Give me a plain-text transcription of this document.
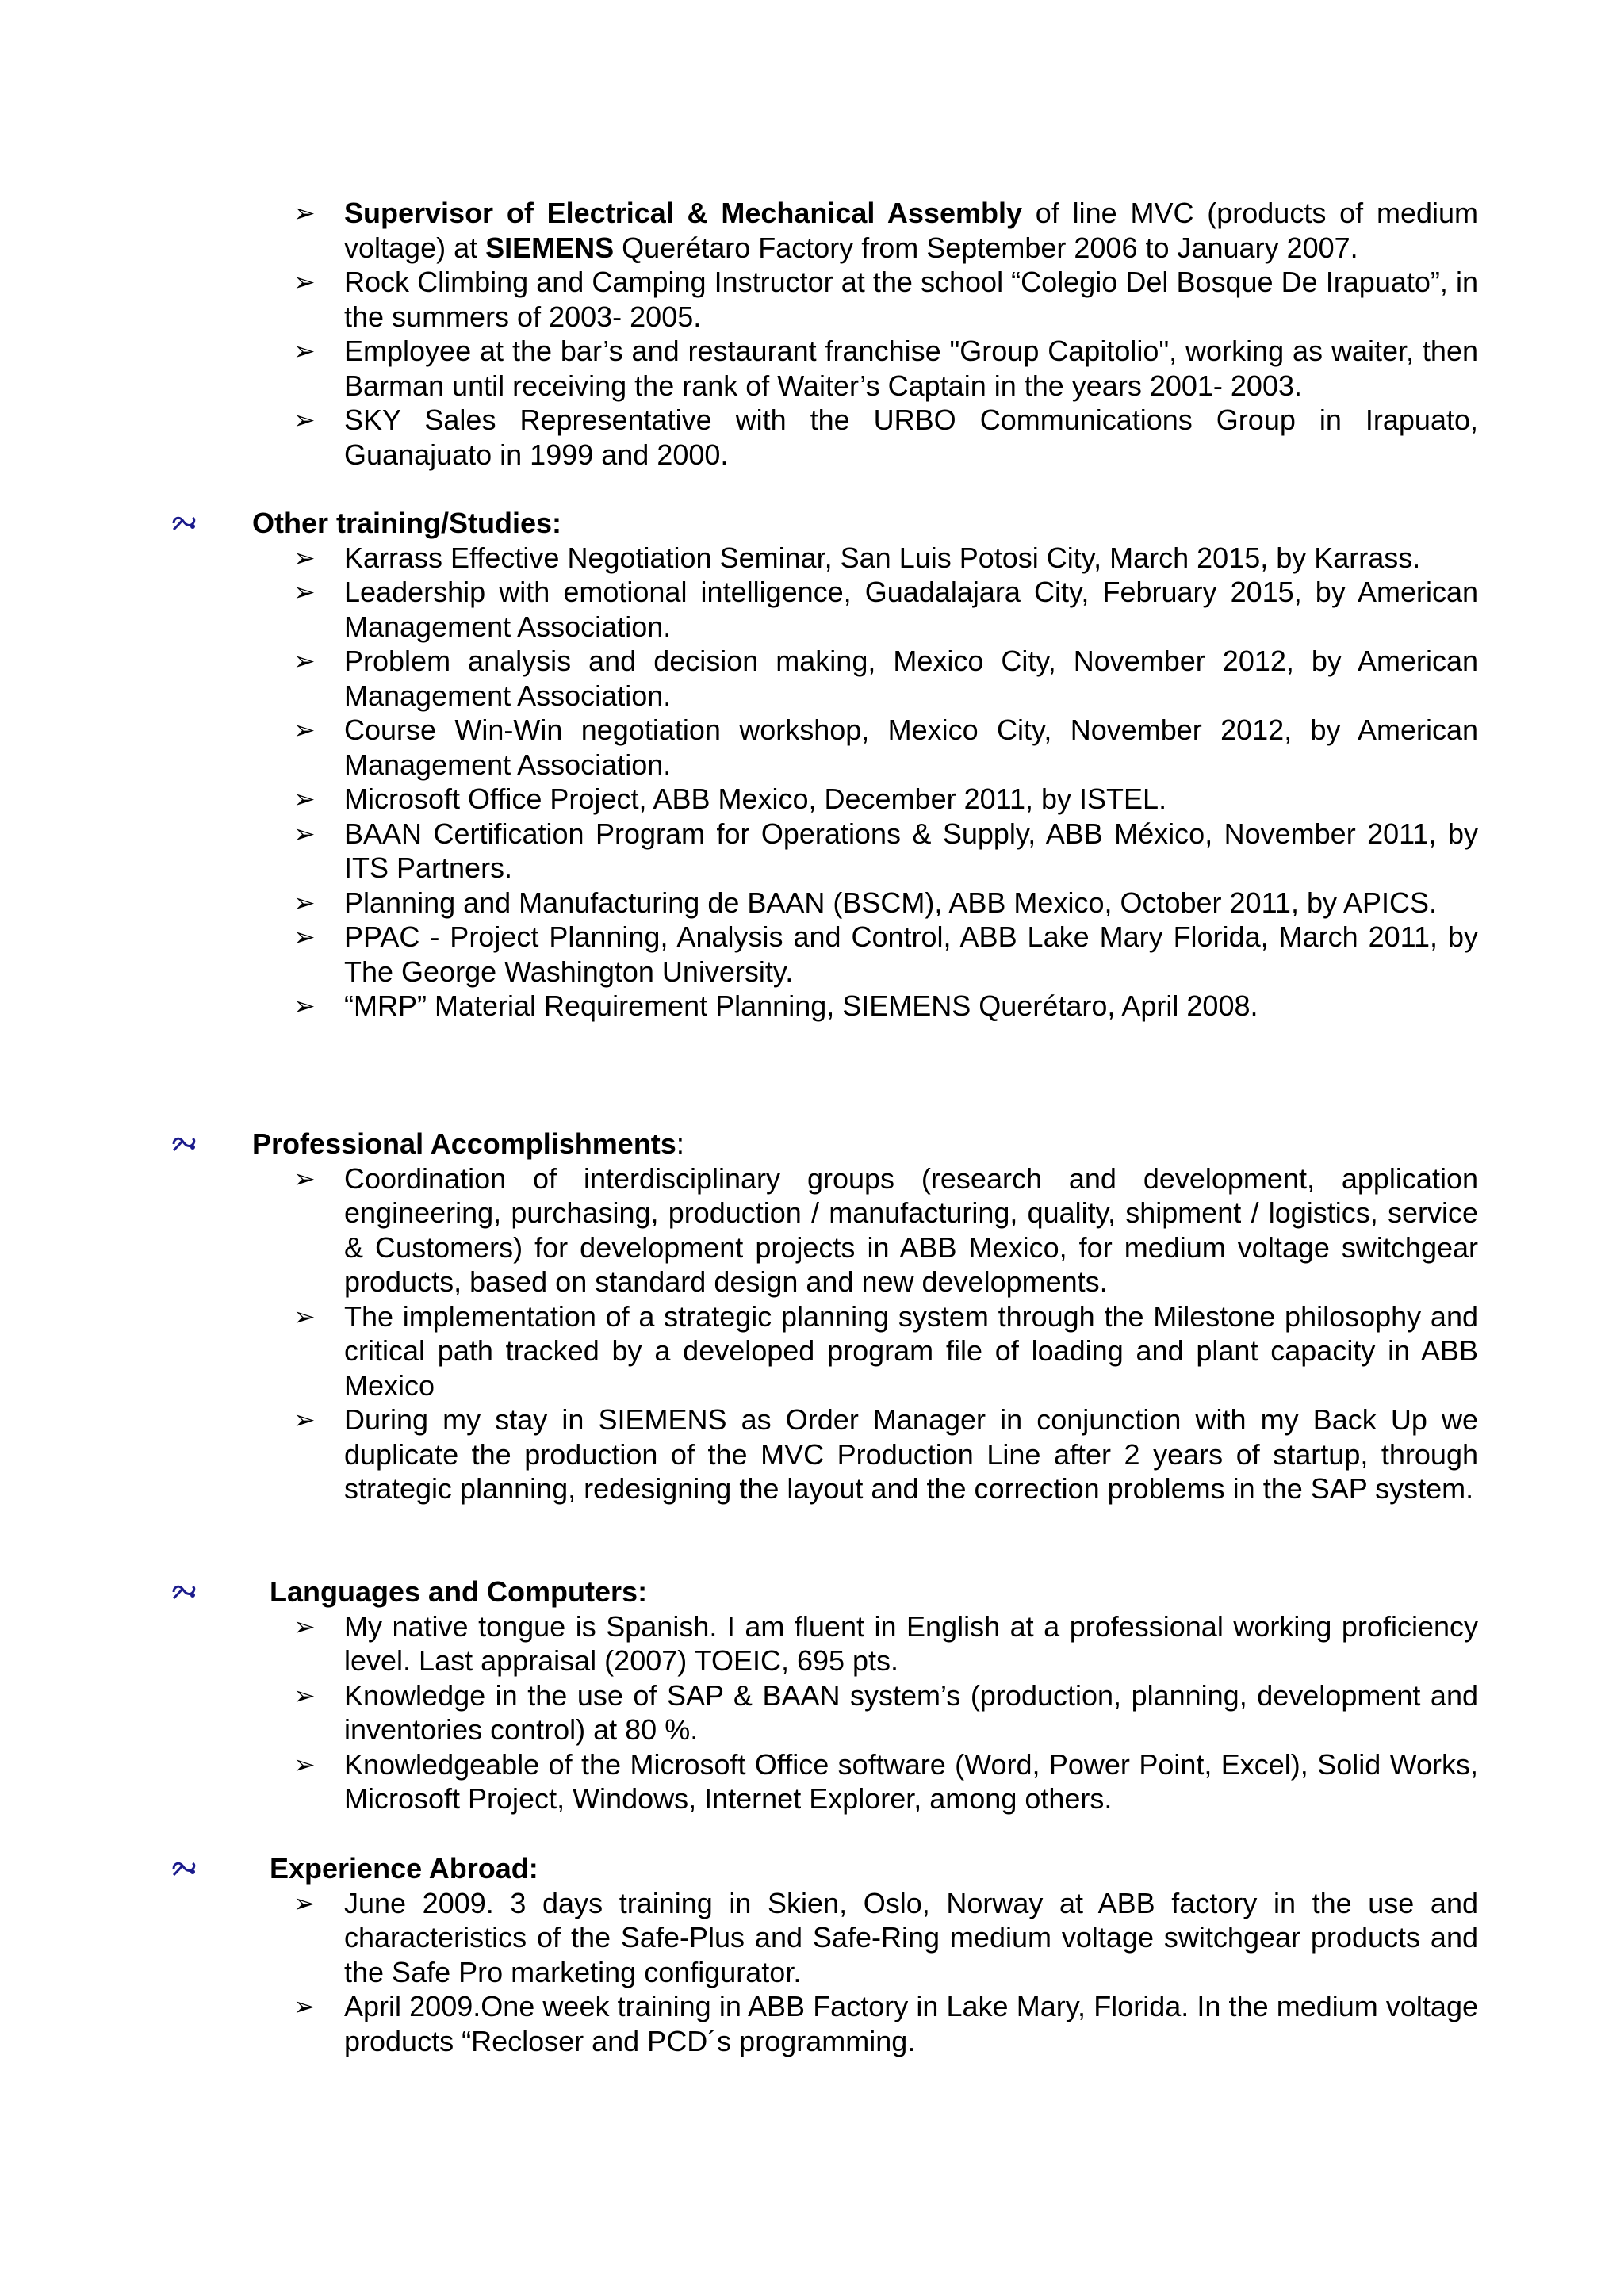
➢ Supervisor of Electrical & Mechanical Assembly of line MVC (products of medium voltage) at SIEMENS Querétaro Factory from September 2006 to January 2007.
➢ Rock Climbing and Camping Instructor at the school “Colegio Del Bosque De Irapuato”, in the summers of 2003- 2005.
➢ Employee at the bar’s and restaurant franchise "Group Capitolio", working as waiter, then Barman until receiving the rank of Waiter’s Captain in the years 2001- 2003.
➢ SKY Sales Representative with the URBO Communications Group in Irapuato, Guanajuato in 1999 and 2000.
Other training/Studies:
➢ Karrass Effective Negotiation Seminar, San Luis Potosi City, March 2015, by Karrass.
➢ Leadership with emotional intelligence, Guadalajara City, February 2015, by American Management Association.
➢ Problem analysis and decision making, Mexico City, November 2012, by American Management Association.
➢ Course Win-Win negotiation workshop, Mexico City, November 2012, by American Management Association.
➢ Microsoft Office Project, ABB Mexico, December 2011, by ISTEL.
➢ BAAN Certification Program for Operations & Supply, ABB México, November 2011, by ITS Partners.
➢ Planning and Manufacturing de BAAN (BSCM), ABB Mexico, October 2011, by APICS.
➢ PPAC - Project Planning, Analysis and Control, ABB Lake Mary Florida, March 2011, by The George Washington University.
➢ “MRP” Material Requirement Planning, SIEMENS Querétaro, April 2008.
Professional Accomplishments:
➢ Coordination of interdisciplinary groups (research and development, application engineering, purchasing, production / manufacturing, quality, shipment / logistics, service & Customers) for development projects in ABB Mexico, for medium voltage switchgear products, based on standard design and new developments.
➢ The implementation of a strategic planning system through the Milestone philosophy and critical path tracked by a developed program file of loading and plant capacity in ABB Mexico
➢ During my stay in SIEMENS as Order Manager in conjunction with my Back Up we duplicate the production of the MVC Production Line after 2 years of startup, through strategic planning, redesigning the layout and the correction problems in the SAP system.
Languages and Computers:
➢ My native tongue is Spanish. I am fluent in English at a professional working proficiency level. Last appraisal (2007) TOEIC, 695 pts.
➢ Knowledge in the use of SAP & BAAN system’s (production, planning, development and inventories control) at 80 %.
➢ Knowledgeable of the Microsoft Office software (Word, Power Point, Excel), Solid Works, Microsoft Project, Windows, Internet Explorer, among others.
Experience Abroad:
➢ June 2009. 3 days training in Skien, Oslo, Norway at ABB factory in the use and characteristics of the Safe-Plus and Safe-Ring medium voltage switchgear products and the Safe Pro marketing configurator.
➢ April 2009.One week training in ABB Factory in Lake Mary, Florida. In the medium voltage products “Recloser and PCD´s programming.
